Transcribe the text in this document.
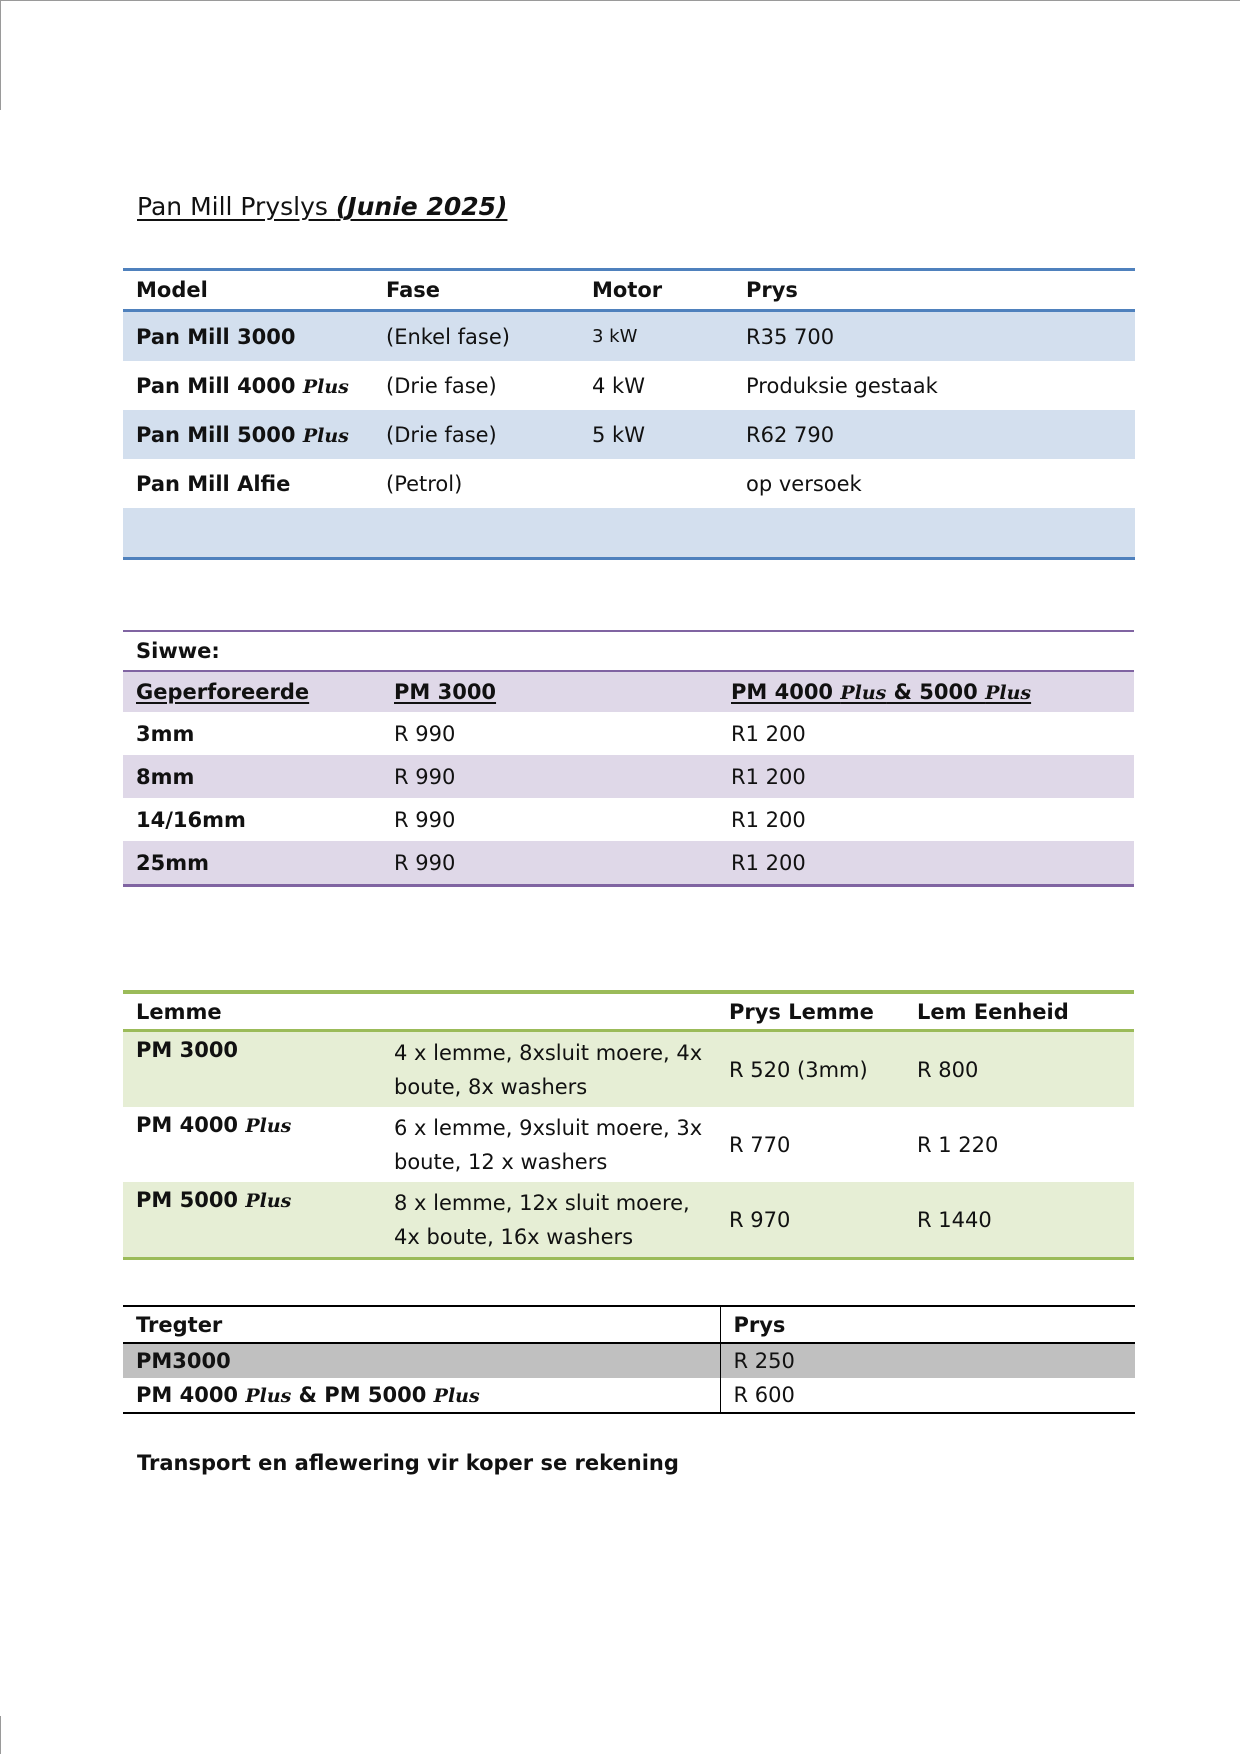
Pan Mill Pryslys (Junie 2025)
Model	Fase	Motor	Prys
Pan Mill 3000	(Enkel fase)	3 kW	R35 700
Pan Mill 4000 Plus	(Drie fase)	4 kW	Produksie gestaak
Pan Mill 5000 Plus	(Drie fase)	5 kW	R62 790
Pan Mill Alfie	(Petrol)		op versoek

Siwwe:		
Geperforeerde	PM 3000	PM 4000 Plus & 5000 Plus
3mm	R 990	R1 200
8mm	R 990	R1 200
14/16mm	R 990	R1 200
25mm	R 990	R1 200
Lemme		Prys Lemme	Lem Eenheid
PM 3000	4 x lemme, 8xsluit moere, 4x boute, 8x washers	R 520 (3mm)	R 800
PM 4000 Plus	6 x lemme, 9xsluit moere, 3x boute, 12 x washers	R 770	R 1 220
PM 5000 Plus	8 x lemme, 12x sluit moere, 4x boute, 16x washers	R 970	R 1440
Tregter	Prys
PM3000	R 250
PM 4000 Plus & PM 5000 Plus	R 600
Transport en aflewering vir koper se rekening
